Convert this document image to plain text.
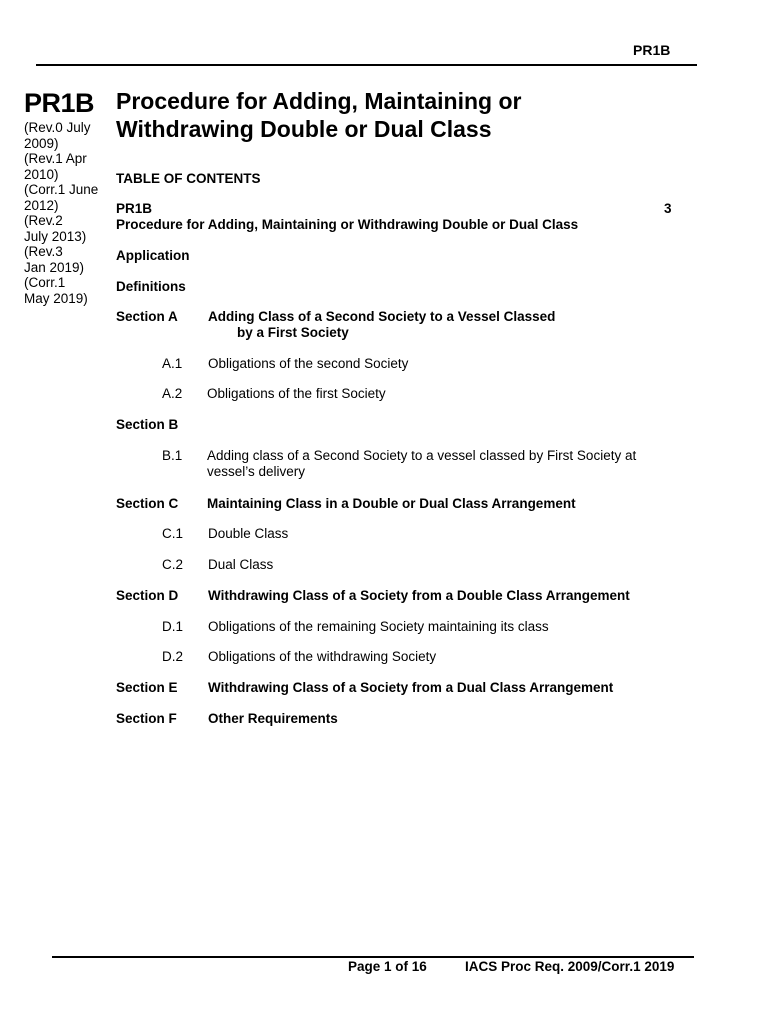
PR1B
PR1B
(Rev.0 July
2009)
(Rev.1 Apr
2010)
(Corr.1 June
2012)
(Rev.2
July 2013)
(Rev.3
Jan 2019)
(Corr.1
May 2019)
Procedure for Adding, Maintaining or
Withdrawing Double or Dual Class
TABLE OF CONTENTS
PR1B	3
Procedure for Adding, Maintaining or Withdrawing Double or Dual Class
Application
Definitions
Section A Adding Class of a Second Society to a Vessel Classed
by a First Society
A.1 Obligations of the second Society
A.2 Obligations of the first Society
Section B
B.1 Adding class of a Second Society to a vessel classed by First Society at
vessel’s delivery
Section C Maintaining Class in a Double or Dual Class Arrangement
C.1 Double Class
C.2 Dual Class
Section D Withdrawing Class of a Society from a Double Class Arrangement
D.1 Obligations of the remaining Society maintaining its class
D.2 Obligations of the withdrawing Society
Section E Withdrawing Class of a Society from a Dual Class Arrangement
Section F Other Requirements
Page 1 of 16	IACS Proc Req. 2009/Corr.1 2019
